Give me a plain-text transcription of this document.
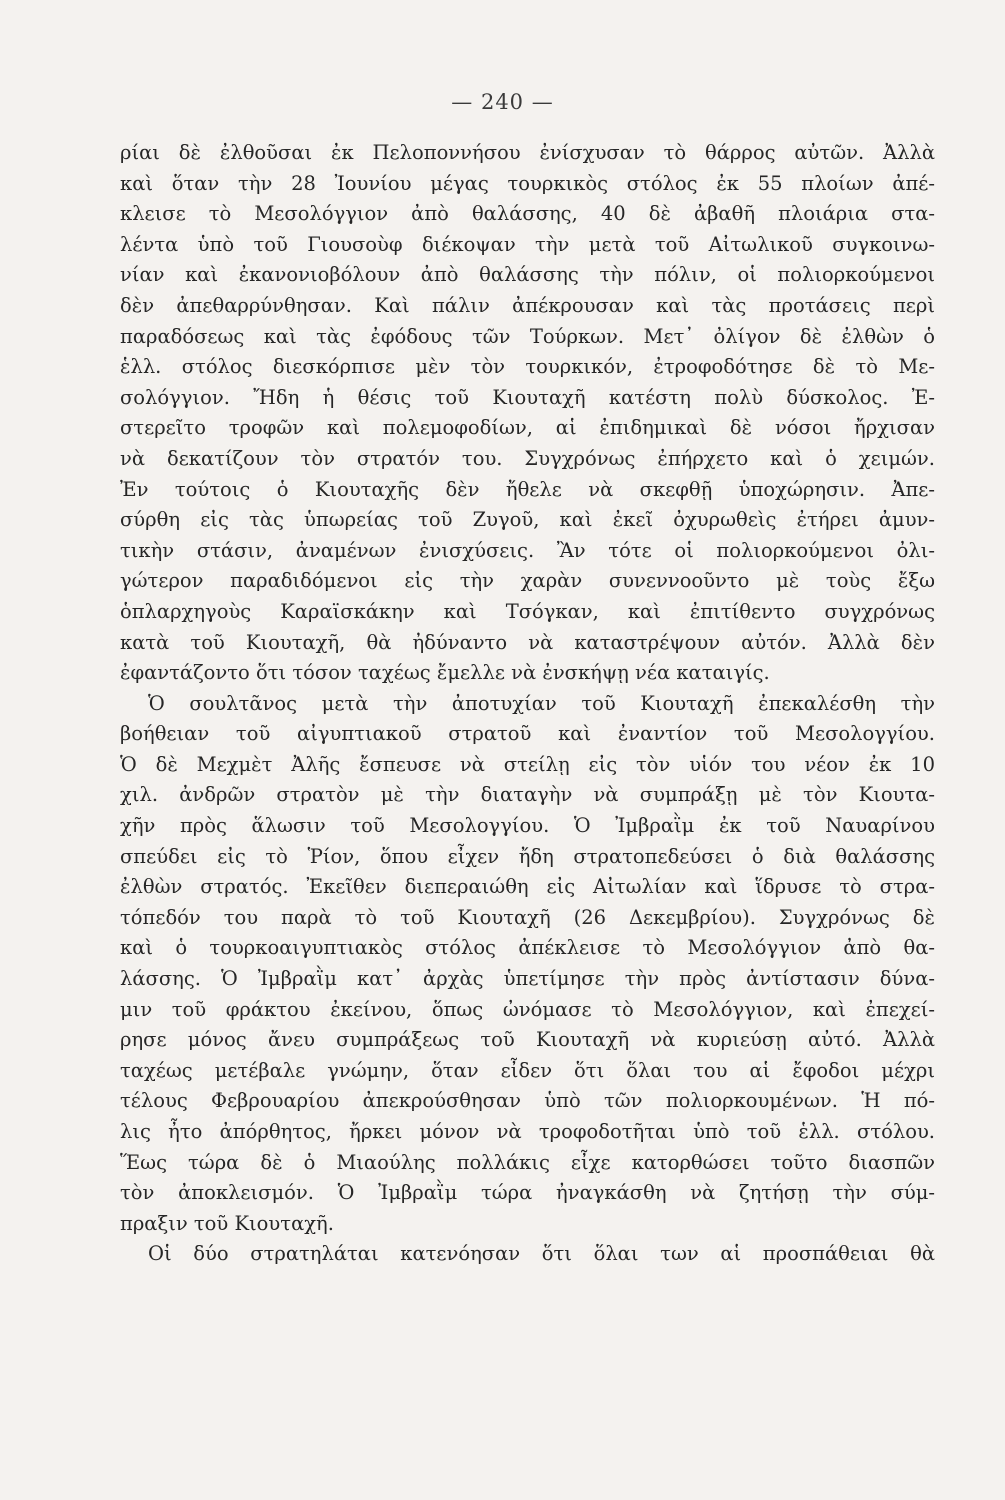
— 240 —
ρίαι δὲ ἐλθοῦσαι ἐκ Πελοποννήσου ἐνίσχυσαν τὸ θάρρος αὐτῶν. Ἀλλὰ
καὶ ὅταν τὴν 28 Ἰουνίου μέγας τουρκικὸς στόλος ἐκ 55 πλοίων ἀπέ-
κλεισε τὸ Μεσολόγγιον ἀπὸ θαλάσσης, 40 δὲ ἀβαθῆ πλοιάρια στα-
λέντα ὑπὸ τοῦ Γιουσοὺφ διέκοψαν τὴν μετὰ τοῦ Αἰτωλικοῦ συγκοινω-
νίαν καὶ ἐκανονιοβόλουν ἀπὸ θαλάσσης τὴν πόλιν, οἱ πολιορκούμενοι
δὲν ἀπεθαρρύνθησαν. Καὶ πάλιν ἀπέκρουσαν καὶ τὰς προτάσεις περὶ
παραδόσεως καὶ τὰς ἐφόδους τῶν Τούρκων. Μετ᾽ ὀλίγον δὲ ἐλθὼν ὁ
ἑλλ. στόλος διεσκόρπισε μὲν τὸν τουρκικόν, ἐτροφοδότησε δὲ τὸ Με-
σολόγγιον. Ἤδη ἡ θέσις τοῦ Κιουταχῆ κατέστη πολὺ δύσκολος. Ἐ-
στερεῖτο τροφῶν καὶ πολεμοφοδίων, αἱ ἐπιδημικαὶ δὲ νόσοι ἤρχισαν
νὰ δεκατίζουν τὸν στρατόν του. Συγχρόνως ἐπήρχετο καὶ ὁ χειμών.
Ἐν τούτοις ὁ Κιουταχῆς δὲν ἤθελε νὰ σκεφθῇ ὑποχώρησιν. Ἀπε-
σύρθη εἰς τὰς ὑπωρείας τοῦ Ζυγοῦ, καὶ ἐκεῖ ὀχυρωθεὶς ἐτήρει ἀμυν-
τικὴν στάσιν, ἀναμένων ἐνισχύσεις. Ἂν τότε οἱ πολιορκούμενοι ὀλι-
γώτερον παραδιδόμενοι εἰς τὴν χαρὰν συνεννοοῦντο μὲ τοὺς ἔξω
ὁπλαρχηγοὺς Καραϊσκάκην καὶ Τσόγκαν, καὶ ἐπιτίθεντο συγχρόνως
κατὰ τοῦ Κιουταχῆ, θὰ ἠδύναντο νὰ καταστρέψουν αὐτόν. Ἀλλὰ δὲν
ἐφαντάζοντο ὅτι τόσον ταχέως ἔμελλε νὰ ἐνσκήψῃ νέα καταιγίς.
Ὁ σουλτᾶνος μετὰ τὴν ἀποτυχίαν τοῦ Κιουταχῆ ἐπεκαλέσθη τὴν
βοήθειαν τοῦ αἰγυπτιακοῦ στρατοῦ καὶ ἐναντίον τοῦ Μεσολογγίου.
Ὁ δὲ Μεχμὲτ Ἀλῆς ἔσπευσε νὰ στείλῃ εἰς τὸν υἱόν του νέον ἐκ 10
χιλ. ἀνδρῶν στρατὸν μὲ τὴν διαταγὴν νὰ συμπράξῃ μὲ τὸν Κιουτα-
χῆν πρὸς ἅλωσιν τοῦ Μεσολογγίου. Ὁ Ἰμβραῒμ ἐκ τοῦ Ναυαρίνου
σπεύδει εἰς τὸ Ῥίον, ὅπου εἶχεν ἤδη στρατοπεδεύσει ὁ διὰ θαλάσσης
ἐλθὼν στρατός. Ἐκεῖθεν διεπεραιώθη εἰς Αἰτωλίαν καὶ ἵδρυσε τὸ στρα-
τόπεδόν του παρὰ τὸ τοῦ Κιουταχῆ (26 Δεκεμβρίου). Συγχρόνως δὲ
καὶ ὁ τουρκοαιγυπτιακὸς στόλος ἀπέκλεισε τὸ Μεσολόγγιον ἀπὸ θα-
λάσσης. Ὁ Ἰμβραῒμ κατ᾽ ἀρχὰς ὑπετίμησε τὴν πρὸς ἀντίστασιν δύνα-
μιν τοῦ φράκτου ἐκείνου, ὅπως ὠνόμασε τὸ Μεσολόγγιον, καὶ ἐπεχεί-
ρησε μόνος ἄνευ συμπράξεως τοῦ Κιουταχῆ νὰ κυριεύσῃ αὐτό. Ἀλλὰ
ταχέως μετέβαλε γνώμην, ὅταν εἶδεν ὅτι ὅλαι του αἱ ἔφοδοι μέχρι
τέλους Φεβρουαρίου ἀπεκρούσθησαν ὑπὸ τῶν πολιορκουμένων. Ἡ πό-
λις ἦτο ἀπόρθητος, ἤρκει μόνον νὰ τροφοδοτῆται ὑπὸ τοῦ ἑλλ. στόλου.
Ἕως τώρα δὲ ὁ Μιαούλης πολλάκις εἶχε κατορθώσει τοῦτο διασπῶν
τὸν ἀποκλεισμόν. Ὁ Ἰμβραῒμ τώρα ἠναγκάσθη νὰ ζητήσῃ τὴν σύμ-
πραξιν τοῦ Κιουταχῆ.
Οἱ δύο στρατηλάται κατενόησαν ὅτι ὅλαι των αἱ προσπάθειαι θὰ
